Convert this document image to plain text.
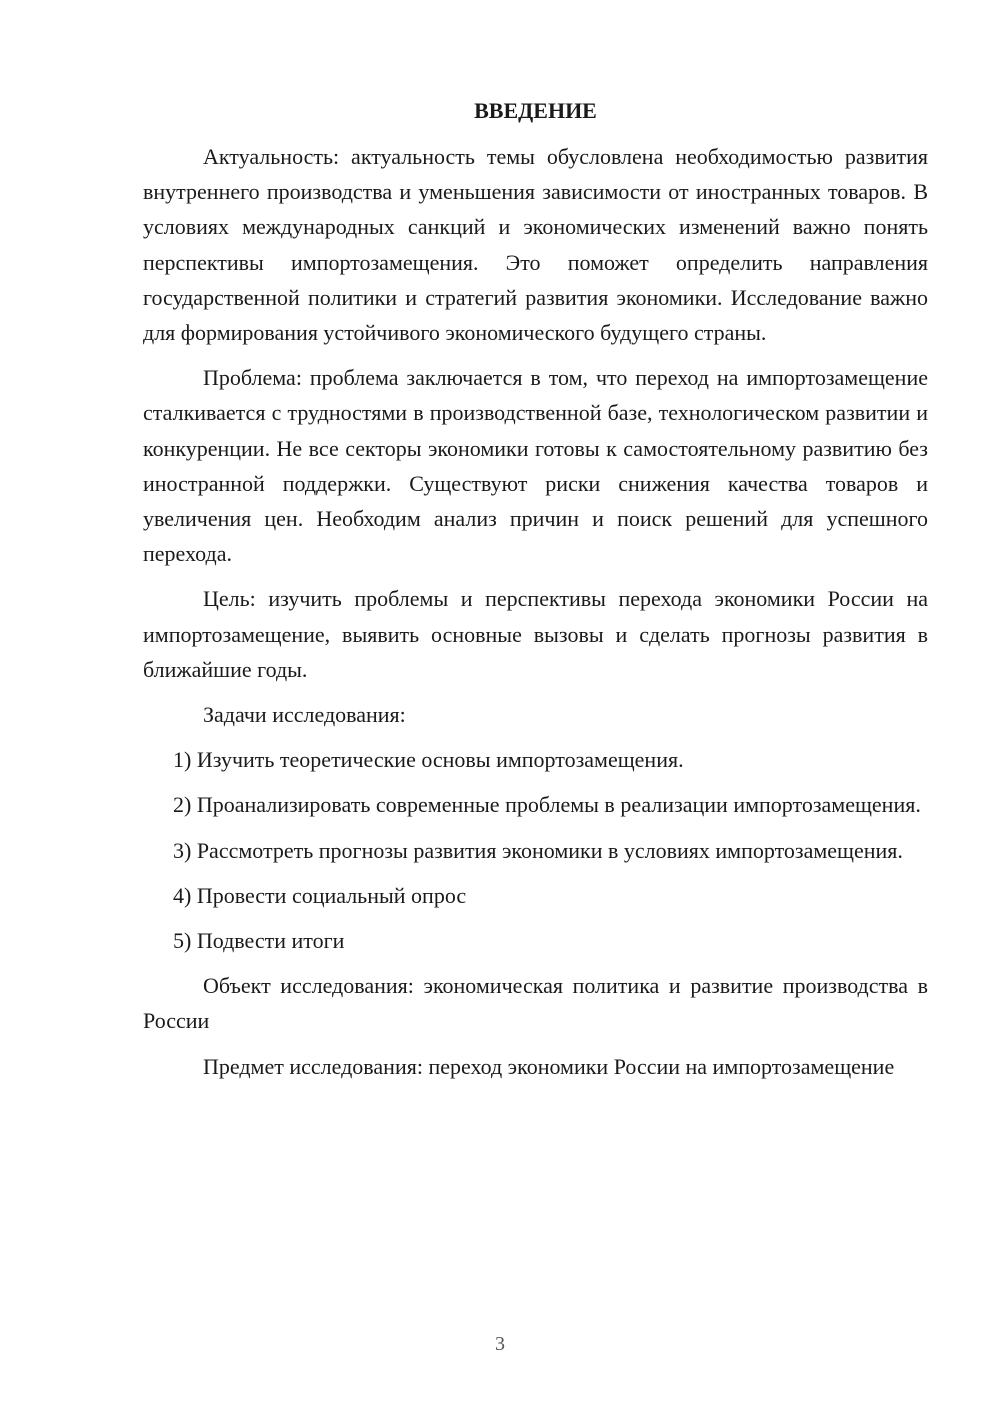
ВВЕДЕНИЕ

Актуальность: актуальность темы обусловлена необходимостью развития внутреннего производства и уменьшения зависимости от иностранных товаров. В условиях международных санкций и экономических изменений важно понять перспективы импортозамещения. Это поможет определить направления государственной политики и стратегий развития экономики. Исследование важно для формирования устойчивого экономического будущего страны.

Проблема: проблема заключается в том, что переход на импортозамещение сталкивается с трудностями в производственной базе, технологическом развитии и конкуренции. Не все секторы экономики готовы к самостоятельному развитию без иностранной поддержки. Существуют риски снижения качества товаров и увеличения цен. Необходим анализ причин и поиск решений для успешного перехода.

Цель: изучить проблемы и перспективы перехода экономики России на импортозамещение, выявить основные вызовы и сделать прогнозы развития в ближайшие годы.

Задачи исследования:

1) Изучить теоретические основы импортозамещения.

2) Проанализировать современные проблемы в реализации импортозамещения.

3) Рассмотреть прогнозы развития экономики в условиях импортозамещения.

4) Провести социальный опрос

5) Подвести итоги

Объект исследования: экономическая политика и развитие производства в России

Предмет исследования: переход экономики России на импортозамещение

3
